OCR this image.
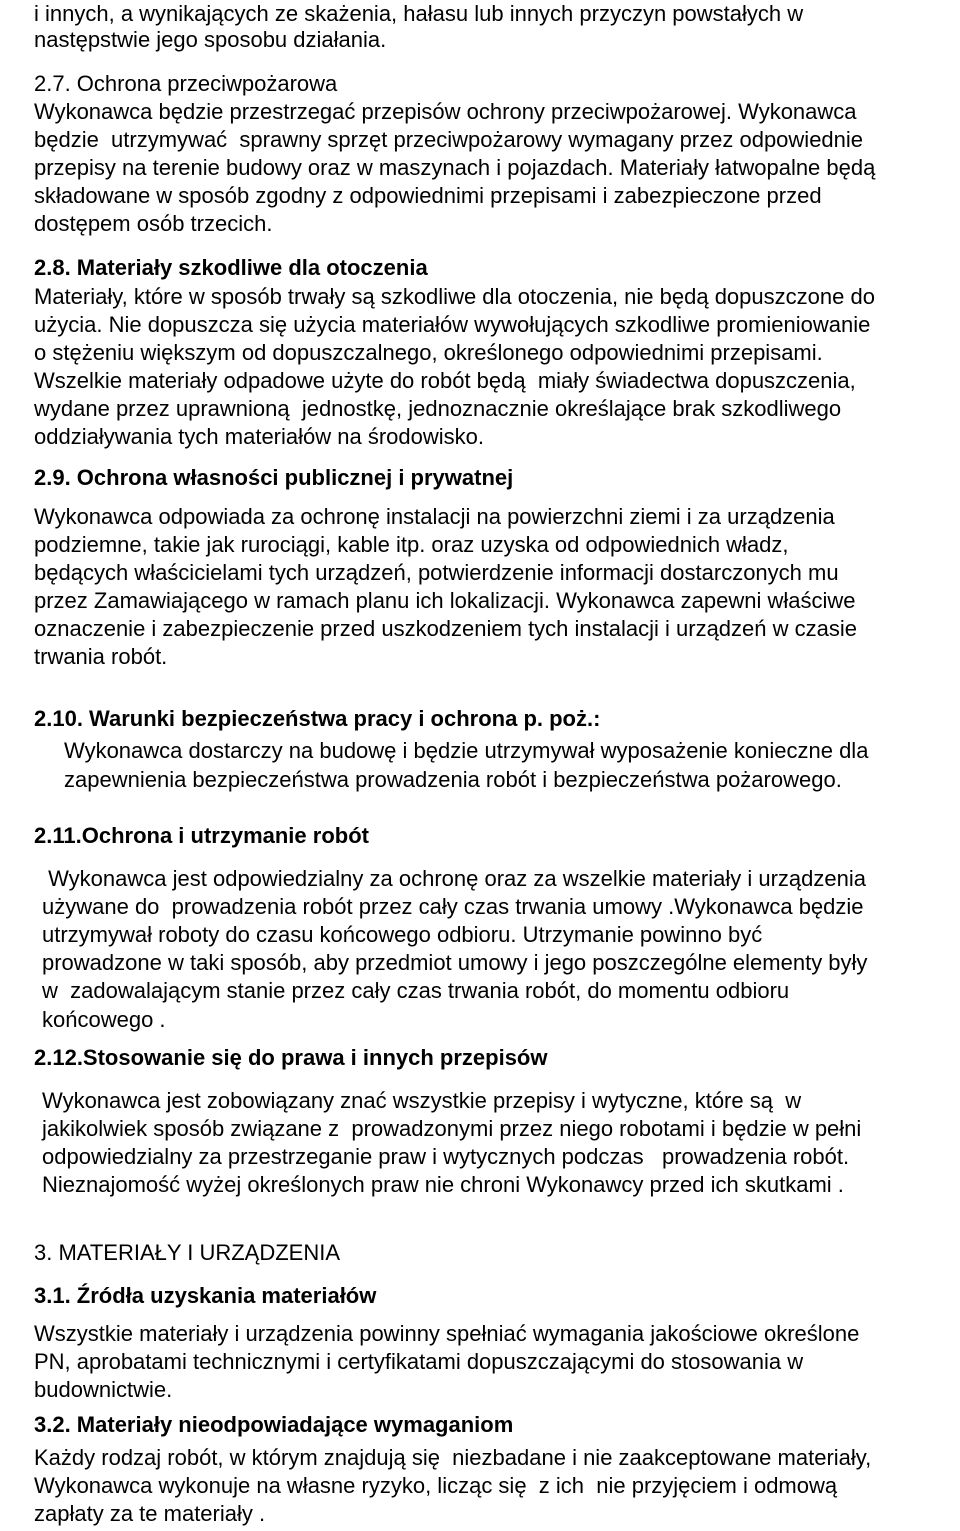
i innych, a wynikających ze skażenia, hałasu lub innych przyczyn powstałych w
następstwie jego sposobu działania.
2.7. Ochrona przeciwpożarowa
Wykonawca będzie przestrzegać przepisów ochrony przeciwpożarowej. Wykonawca
będzie  utrzymywać  sprawny sprzęt przeciwpożarowy wymagany przez odpowiednie
przepisy na terenie budowy oraz w maszynach i pojazdach. Materiały łatwopalne będą
składowane w sposób zgodny z odpowiednimi przepisami i zabezpieczone przed
dostępem osób trzecich.
2.8. Materiały szkodliwe dla otoczenia
Materiały, które w sposób trwały są szkodliwe dla otoczenia, nie będą dopuszczone do
użycia. Nie dopuszcza się użycia materiałów wywołujących szkodliwe promieniowanie
o stężeniu większym od dopuszczalnego, określonego odpowiednimi przepisami.
Wszelkie materiały odpadowe użyte do robót będą  miały świadectwa dopuszczenia,
wydane przez uprawnioną  jednostkę, jednoznacznie określające brak szkodliwego
oddziaływania tych materiałów na środowisko.
2.9. Ochrona własności publicznej i prywatnej
Wykonawca odpowiada za ochronę instalacji na powierzchni ziemi i za urządzenia
podziemne, takie jak rurociągi, kable itp. oraz uzyska od odpowiednich władz,
będących właścicielami tych urządzeń, potwierdzenie informacji dostarczonych mu
przez Zamawiającego w ramach planu ich lokalizacji. Wykonawca zapewni właściwe
oznaczenie i zabezpieczenie przed uszkodzeniem tych instalacji i urządzeń w czasie
trwania robót.
2.10. Warunki bezpieczeństwa pracy i ochrona p. poż.:
Wykonawca dostarczy na budowę i będzie utrzymywał wyposażenie konieczne dla
zapewnienia bezpieczeństwa prowadzenia robót i bezpieczeństwa pożarowego.
2.11.Ochrona i utrzymanie robót
Wykonawca jest odpowiedzialny za ochronę oraz za wszelkie materiały i urządzenia
używane do  prowadzenia robót przez cały czas trwania umowy .Wykonawca będzie
utrzymywał roboty do czasu końcowego odbioru. Utrzymanie powinno być
prowadzone w taki sposób, aby przedmiot umowy i jego poszczególne elementy były
w  zadowalającym stanie przez cały czas trwania robót, do momentu odbioru
końcowego .
2.12.Stosowanie się do prawa i innych przepisów
Wykonawca jest zobowiązany znać wszystkie przepisy i wytyczne, które są  w
jakikolwiek sposób związane z  prowadzonymi przez niego robotami i będzie w pełni
odpowiedzialny za przestrzeganie praw i wytycznych podczas   prowadzenia robót.
Nieznajomość wyżej określonych praw nie chroni Wykonawcy przed ich skutkami .
3. MATERIAŁY I URZĄDZENIA
3.1. Źródła uzyskania materiałów
Wszystkie materiały i urządzenia powinny spełniać wymagania jakościowe określone
PN, aprobatami technicznymi i certyfikatami dopuszczającymi do stosowania w
budownictwie.
3.2. Materiały nieodpowiadające wymaganiom
Każdy rodzaj robót, w którym znajdują się  niezbadane i nie zaakceptowane materiały,
Wykonawca wykonuje na własne ryzyko, licząc się  z ich  nie przyjęciem i odmową
zapłaty za te materiały .
